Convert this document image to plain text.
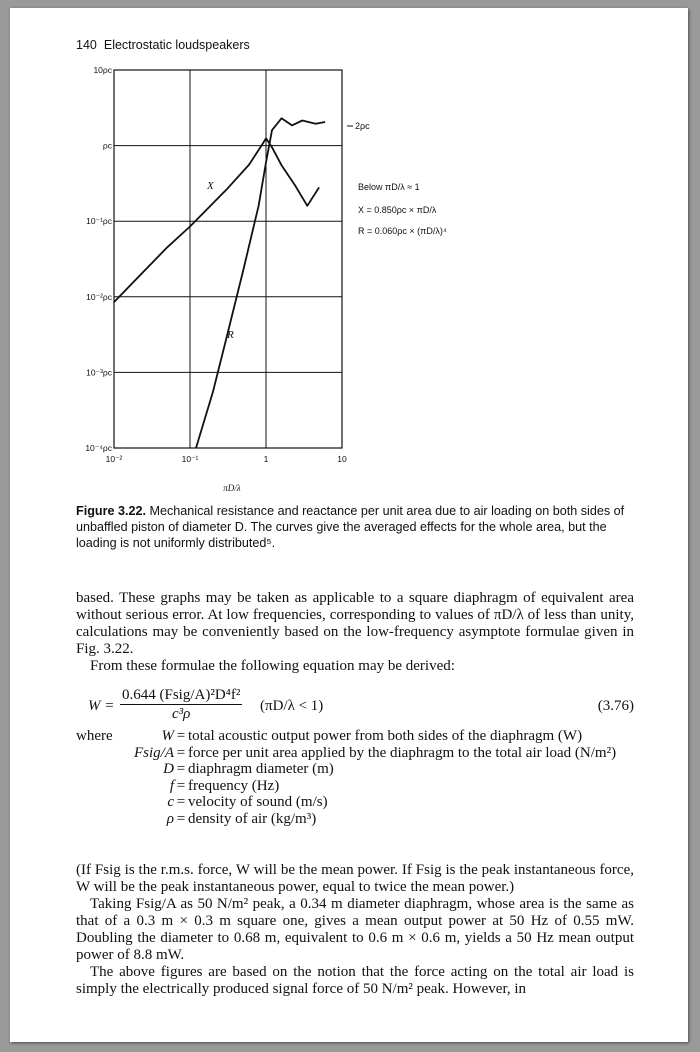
140 Electrostatic loudspeakers
10ρc
ρc
10⁻¹ρc
10⁻²ρc
10⁻³ρc
10⁻⁴ρc
10⁻²	10⁻¹	1	10
πD/λ
X
R
2ρc
Below πD/λ ≈ 1
X = 0.850ρc × πD/λ
R = 0.060ρc × (πD/λ)⁴
Figure 3.22. Mechanical resistance and reactance per unit area due to air loading on both sides of unbaffled piston of diameter D. The curves give the averaged effects for the whole area, but the loading is not uniformly distributed⁵.
based. These graphs may be taken as applicable to a square diaphragm of equivalent area without serious error. At low frequencies, corresponding to values of πD/λ of less than unity, calculations may be conveniently based on the low-frequency asymptote formulae given in Fig. 3.22.
From these formulae the following equation may be derived:
W =
0.644 (Fsig/A)²D⁴f²
c³ρ	(πD/λ < 1)	(3.76)
where	W = total acoustic output power from both sides of the diaphragm (W)
Fsig/A = force per unit area applied by the diaphragm to the total air load (N/m²)
D = diaphragm diameter (m)
f = frequency (Hz)
c = velocity of sound (m/s)
ρ = density of air (kg/m³)
(If Fsig is the r.m.s. force, W will be the mean power. If Fsig is the peak instantaneous force, W will be the peak instantaneous power, equal to twice the mean power.)
Taking Fsig/A as 50 N/m² peak, a 0.34 m diameter diaphragm, whose area is the same as that of a 0.3 m × 0.3 m square one, gives a mean output power at 50 Hz of 0.55 mW. Doubling the diameter to 0.68 m, equivalent to 0.6 m × 0.6 m, yields a 50 Hz mean output power of 8.8 mW.
The above figures are based on the notion that the force acting on the total air load is simply the electrically produced signal force of 50 N/m² peak. However, in
